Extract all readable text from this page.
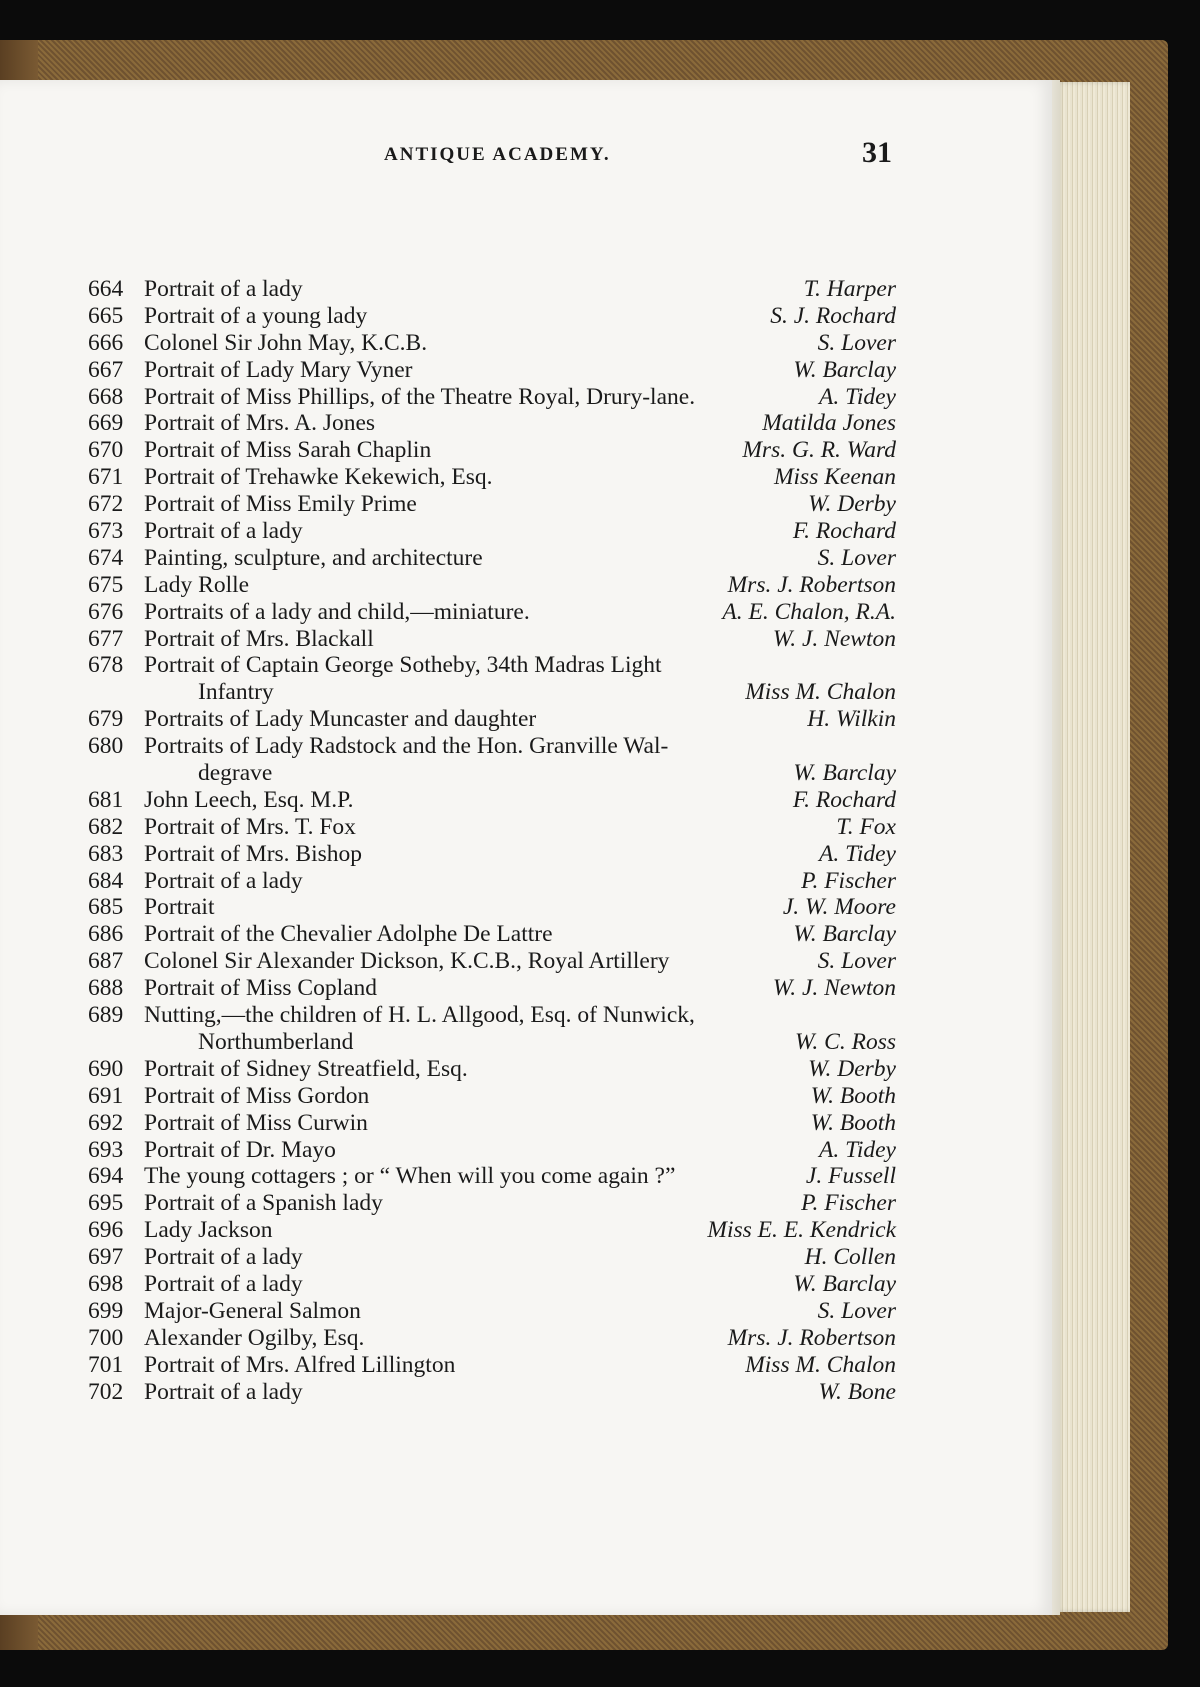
ANTIQUE ACADEMY.	31
664 Portrait of a lady	T. Harper
665 Portrait of a young lady	S. J. Rochard
666 Colonel Sir John May, K.C.B.	S. Lover
667 Portrait of Lady Mary Vyner	W. Barclay
668 Portrait of Miss Phillips, of the Theatre Royal, Drury-lane.	A. Tidey
669 Portrait of Mrs. A. Jones	Matilda Jones
670 Portrait of Miss Sarah Chaplin	Mrs. G. R. Ward
671 Portrait of Trehawke Kekewich, Esq.	Miss Keenan
672 Portrait of Miss Emily Prime	W. Derby
673 Portrait of a lady	F. Rochard
674 Painting, sculpture, and architecture	S. Lover
675 Lady Rolle	Mrs. J. Robertson
676 Portraits of a lady and child,—miniature.	A. E. Chalon, R.A.
677 Portrait of Mrs. Blackall	W. J. Newton
678 Portrait of Captain George Sotheby, 34th Madras Light
Infantry	Miss M. Chalon
679 Portraits of Lady Muncaster and daughter	H. Wilkin
680 Portraits of Lady Radstock and the Hon. Granville Wal-
degrave	W. Barclay
681 John Leech, Esq. M.P.	F. Rochard
682 Portrait of Mrs. T. Fox	T. Fox
683 Portrait of Mrs. Bishop	A. Tidey
684 Portrait of a lady	P. Fischer
685 Portrait	J. W. Moore
686 Portrait of the Chevalier Adolphe De Lattre	W. Barclay
687 Colonel Sir Alexander Dickson, K.C.B., Royal Artillery	S. Lover
688 Portrait of Miss Copland	W. J. Newton
689 Nutting,—the children of H. L. Allgood, Esq. of Nunwick,
Northumberland	W. C. Ross
690 Portrait of Sidney Streatfield, Esq.	W. Derby
691 Portrait of Miss Gordon	W. Booth
692 Portrait of Miss Curwin	W. Booth
693 Portrait of Dr. Mayo	A. Tidey
694 The young cottagers ; or “ When will you come again ?”	J. Fussell
695 Portrait of a Spanish lady	P. Fischer
696 Lady Jackson	Miss E. E. Kendrick
697 Portrait of a lady	H. Collen
698 Portrait of a lady	W. Barclay
699 Major-General Salmon	S. Lover
700 Alexander Ogilby, Esq.	Mrs. J. Robertson
701 Portrait of Mrs. Alfred Lillington	Miss M. Chalon
702 Portrait of a lady	W. Bone
